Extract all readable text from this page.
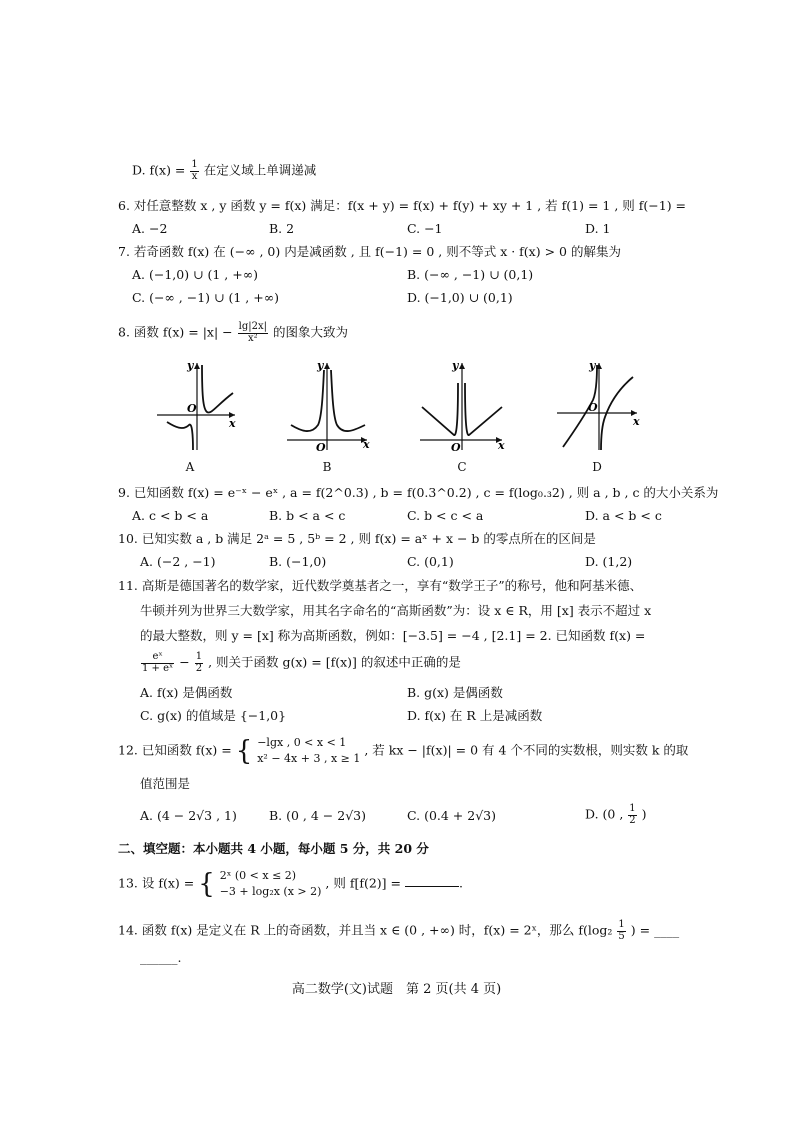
D. $f(x) = \frac{1}{x}$ 在定义域上单调递减
6. 对任意整数 x , y 函数 y = f(x) 满足：f(x + y) = f(x) + f(y) + xy + 1 , 若 f(1) = 1 , 则 f(−1) =
A. −2	B. 2	C. −1	D. 1
7. 若奇函数 f(x) 在 (−∞ , 0) 内是减函数 , 且 f(−1) = 0 , 则不等式 x · f(x) > 0 的解集为
A. (−1,0) ∪ (1 , +∞)	B. (−∞ , −1) ∪ (0,1)
C. (−∞ , −1) ∪ (1 , +∞)	D. (−1,0) ∪ (0,1)
8. 函数 $f(x) = |x| - \frac{\lg|2x|}{\text{x²}}$ 的图象大致为
y
x
O
A
y
x
O
B
y
x
O
C
y
x
O
D
9. 已知函数 f(x) = e⁻ˣ − eˣ , a = f(2^0.3) , b = f(0.3^0.2) , c = f(log₀.₃2) , 则 a , b , c 的大小关系为
A. c < b < a	B. b < a < c	C. b < c < a	D. a < b < c
10. 已知实数 a , b 满足 2ᵃ = 5 , 5ᵇ = 2 , 则 f(x) = aˣ + x − b 的零点所在的区间是
A. (−2 , −1)	B. (−1,0)	C. (0,1)	D. (1,2)
11. 高斯是德国著名的数学家，近代数学奠基者之一，享有“数学王子”的称号，他和阿基米德、
牛顿并列为世界三大数学家，用其名字命名的“高斯函数”为：设 x ∈ R，用 [x] 表示不超过 x
的最大整数，则 y = [x] 称为高斯函数，例如：[−3.5] = −4 , [2.1] = 2. 已知函数 f(x) =
$\frac{\text{eˣ}}{\text{1 + eˣ}} - \frac{1}{2}$ , 则关于函数 g(x) = [f(x)] 的叙述中正确的是
A. f(x) 是偶函数	B. g(x) 是偶函数
C. g(x) 的值域是 {−1,0}	D. f(x) 在 R 上是减函数
12. 已知函数 f(x) = { −lgx , 0 < x < 1
x² − 4x + 3 , x ≥ 1
, 若 kx − |f(x)| = 0 有 4 个不同的实数根，则实数 k 的取
值范围是
A. (4 − 2√3 , 1)	B. (0 , 4 − 2√3)	C. (0.4 + 2√3)	D. (0 , $\frac{1}{2}$ )
二、填空题：本小题共 4 小题，每小题 5 分，共 20 分
13. 设 f(x) = { 2ˣ (0 < x ≤ 2)
−3 + log₂x (x > 2)
, 则 f[f(2)] =	.
14. 函数 f(x) 是定义在 R 上的奇函数，并且当 x ∈ (0 , +∞) 时，f(x) = 2ˣ，那么 $f(\log_2 \frac{1}{5}$ ) = ____
______.
高二数学(文)试题　第 2 页(共 4 页)
